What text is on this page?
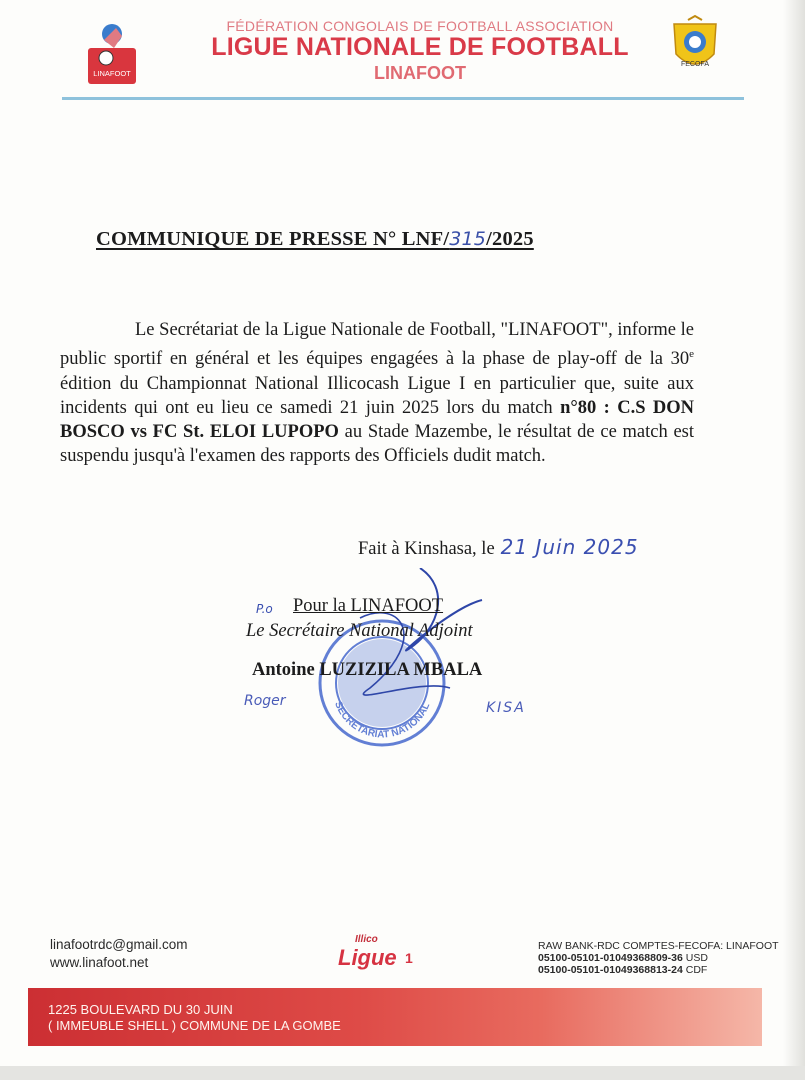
LINAFOOT
FECOFA
FÉDÉRATION CONGOLAIS DE FOOTBALL ASSOCIATION
LIGUE NATIONALE DE FOOTBALL
LINAFOOT
COMMUNIQUE DE PRESSE N° LNF/315/2025

Le Secrétariat de la Ligue Nationale de Football, "LINAFOOT", informe le public sportif en général et les équipes engagées à la phase de play-off de la 30e édition du Championnat National Illicocash Ligue I en particulier que, suite aux incidents qui ont eu lieu ce samedi 21 juin 2025 lors du match n°80 : C.S DON BOSCO vs FC St. ELOI LUPOPO au Stade Mazembe, le résultat de ce match est suspendu jusqu'à l'examen des rapports des Officiels dudit match.

Fait à Kinshasa, le 21 Juin 2025
SECRETARIAT NATIONAL
P.o Pour la LINAFOOT
Le Secrétaire National Adjoint
Antoine LUZIZILA MBALA
Roger	KISA
linafootrdc@gmail.com
www.linafoot.net
Illico
Ligue 1
RAW BANK-RDC COMPTES-FECOFA: LINAFOOT
05100-05101-01049368809-36 USD
05100-05101-01049368813-24 CDF
1225 BOULEVARD DU 30 JUIN
( IMMEUBLE SHELL ) COMMUNE DE LA GOMBE
